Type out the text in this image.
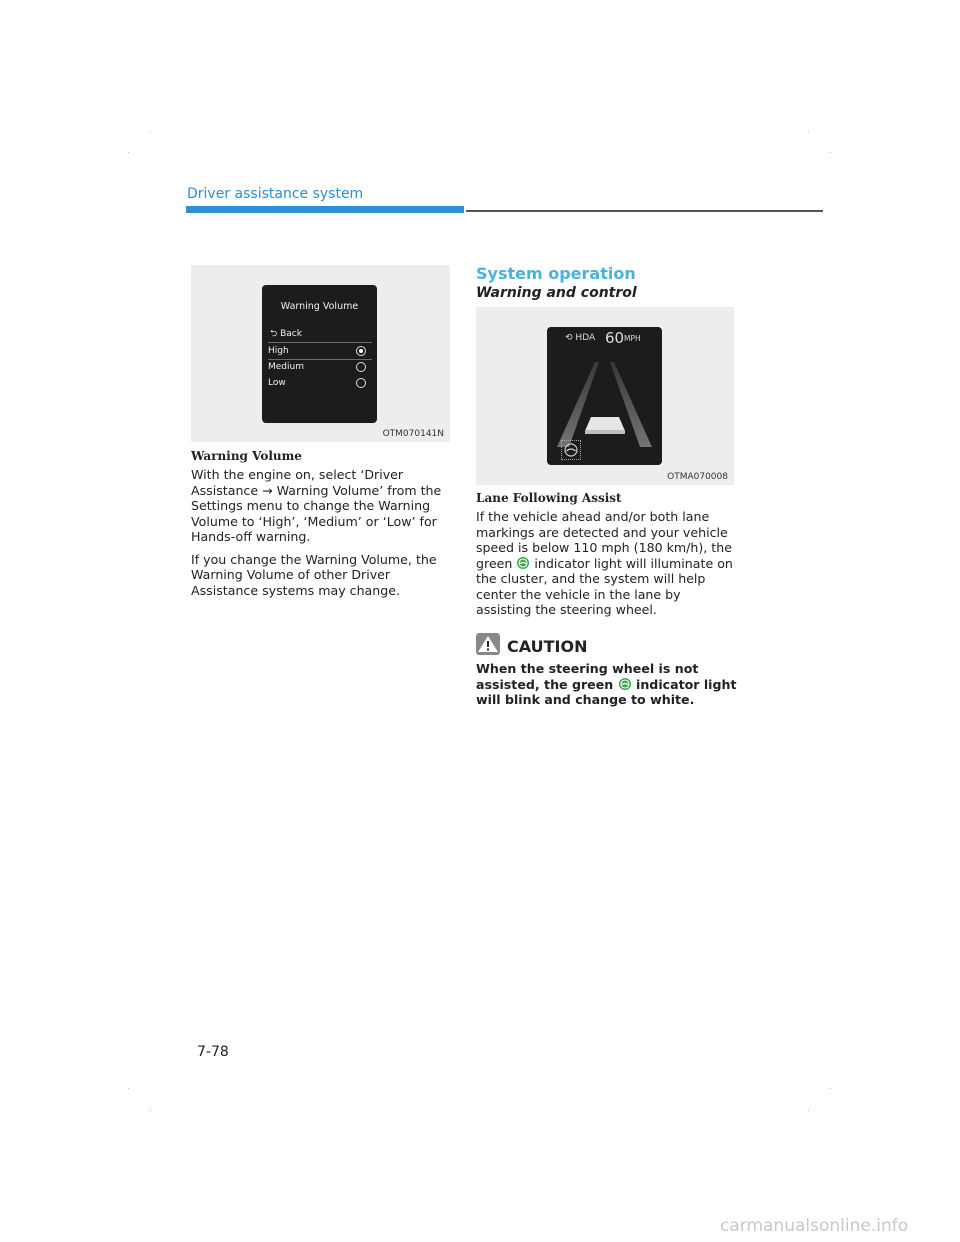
Driver assistance system
Warning Volume
⮌ Back
High
Medium
Low
OTM070141N
Warning Volume

With the engine on, select ‘Driver Assistance → Warning Volume’ from the Settings menu to change the Warning Volume to ‘High’, ‘Medium’ or ‘Low’ for Hands-off warning.

If you change the Warning Volume, the Warning Volume of other Driver Assistance systems may change.

System operation
Warning and control
⟲ HDA 60 MPH
OTMA070008
Lane Following Assist
If the vehicle ahead and/or both lane markings are detected and your vehicle speed is below 110 mph (180 km/h), the green indicator light will illuminate on the cluster, and the system will help center the vehicle in the lane by assisting the steering wheel.
CAUTION
When the steering wheel is not assisted, the green indicator light will blink and change to white.
7-78
carmanualsonline.info
